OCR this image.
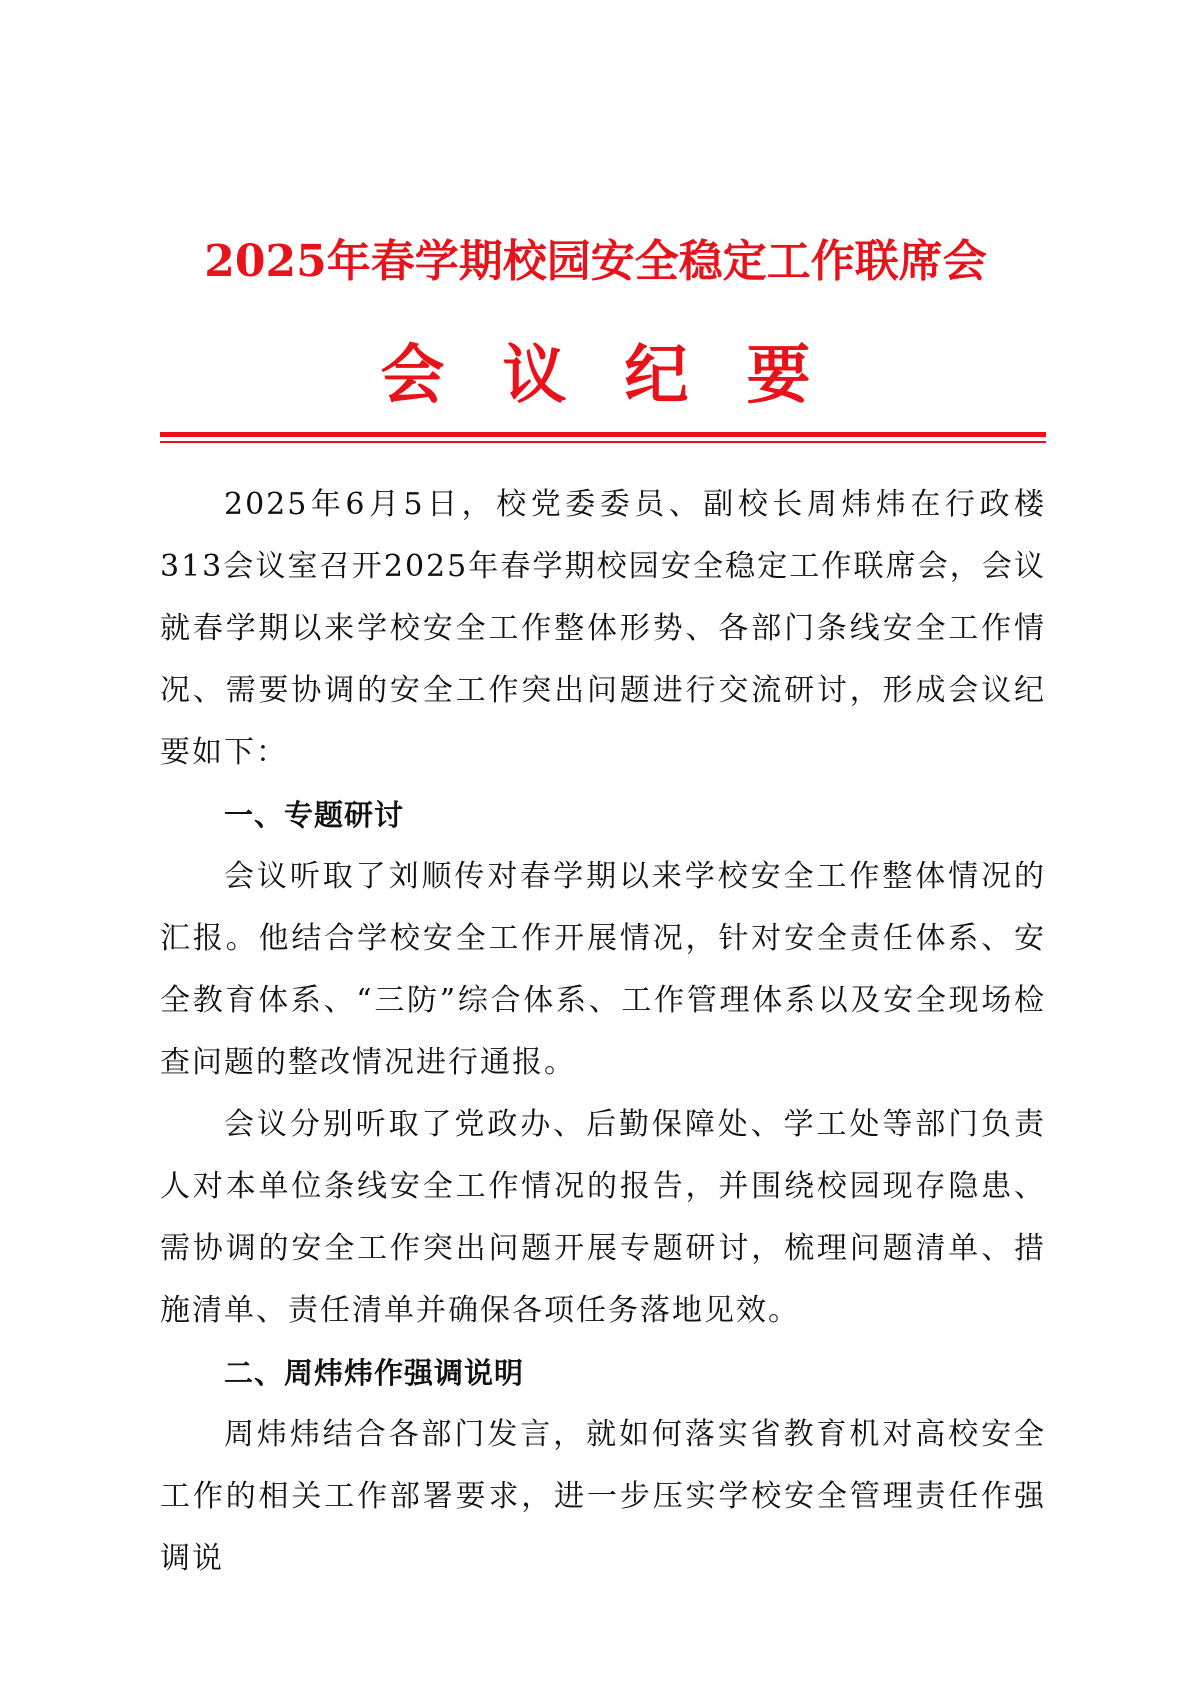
2025年春学期校园安全稳定工作联席会
会议纪要

2025年6月5日，校党委委员、副校长周炜炜在行政楼313会议室召开2025年春学期校园安全稳定工作联席会，会议就春学期以来学校安全工作整体形势、各部门条线安全工作情况、需要协调的安全工作突出问题进行交流研讨，形成会议纪要如下：

一、专题研讨

会议听取了刘顺传对春学期以来学校安全工作整体情况的汇报。他结合学校安全工作开展情况，针对安全责任体系、安全教育体系、“三防”综合体系、工作管理体系以及安全现场检查问题的整改情况进行通报。

会议分别听取了党政办、后勤保障处、学工处等部门负责人对本单位条线安全工作情况的报告，并围绕校园现存隐患、需协调的安全工作突出问题开展专题研讨，梳理问题清单、措施清单、责任清单并确保各项任务落地见效。

二、周炜炜作强调说明

周炜炜结合各部门发言，就如何落实省教育机对高校安全工作的相关工作部署要求，进一步压实学校安全管理责任作强调说
